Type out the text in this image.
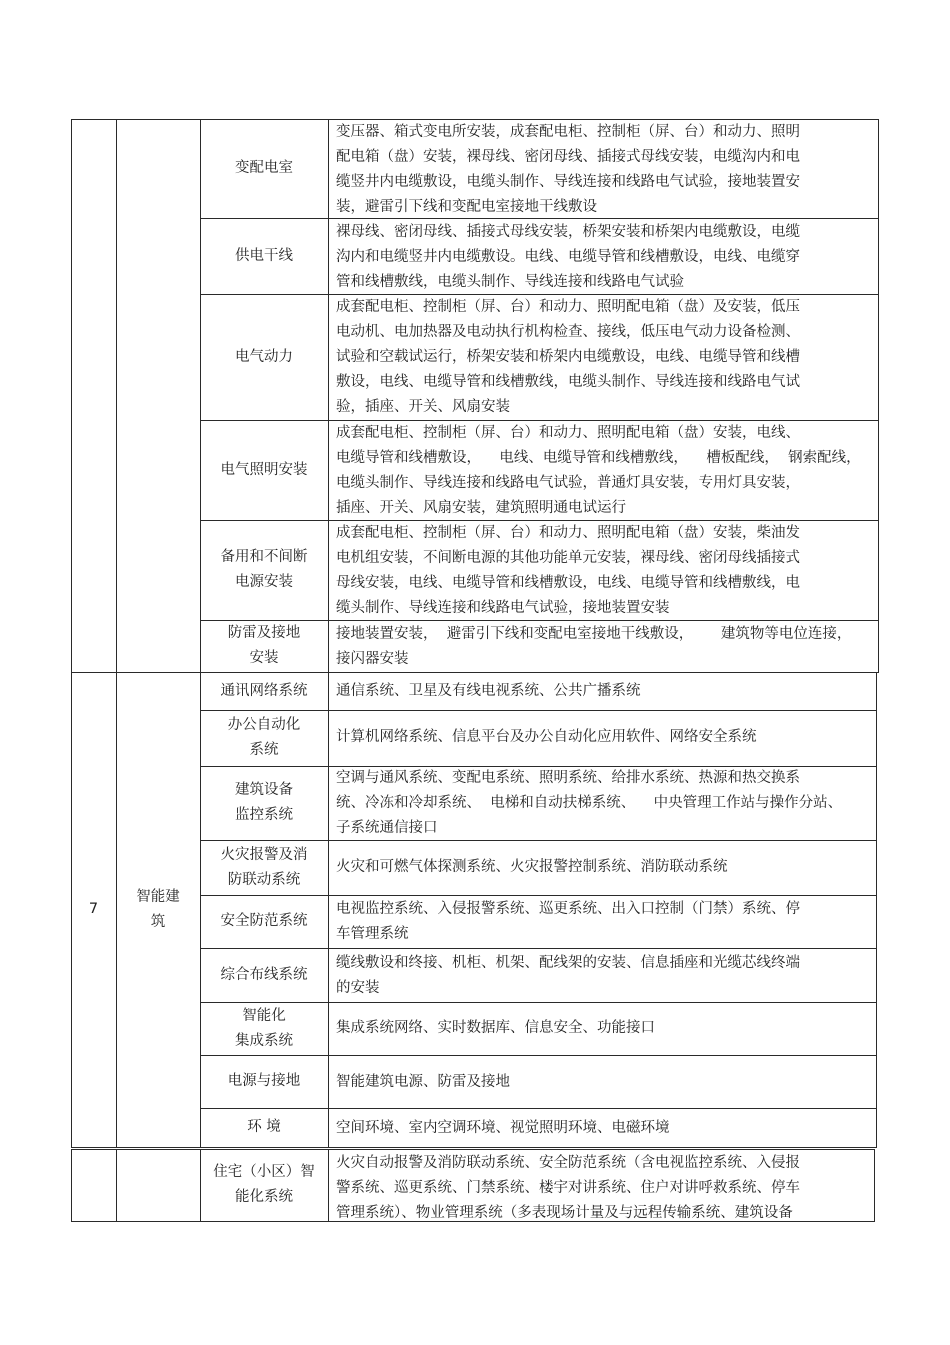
变配电室
变压器、箱式变电所安装，成套配电柜、控制柜（屏、台）和动力、照明
配电箱（盘）安装，裸母线、密闭母线、插接式母线安装，电缆沟内和电
缆竖井内电缆敷设，电缆头制作、导线连接和线路电气试验，接地装置安
装，避雷引下线和变配电室接地干线敷设
供电干线
裸母线、密闭母线、插接式母线安装，桥架安装和桥架内电缆敷设，电缆
沟内和电缆竖井内电缆敷设。电线、电缆导管和线槽敷设，电线、电缆穿
管和线槽敷线，电缆头制作、导线连接和线路电气试验
电气动力
成套配电柜、控制柜（屏、台）和动力、照明配电箱（盘）及安装，低压
电动机、电加热器及电动执行机构检查、接线，低压电气动力设备检测、
试验和空载试运行，桥架安装和桥架内电缆敷设，电线、电缆导管和线槽
敷设，电线、电缆导管和线槽敷线，电缆头制作、导线连接和线路电气试
验，插座、开关、风扇安装
电气照明安装
成套配电柜、控制柜（屏、台）和动力、照明配电箱（盘）安装，电线、
电缆导管和线槽敷设，    电线、电缆导管和线槽敷线，    槽板配线，  钢索配线，
电缆头制作、导线连接和线路电气试验，普通灯具安装，专用灯具安装，
插座、开关、风扇安装，建筑照明通电试运行
备用和不间断
电源安装
成套配电柜、控制柜（屏、台）和动力、照明配电箱（盘）安装，柴油发
电机组安装，不间断电源的其他功能单元安装，裸母线、密闭母线插接式
母线安装，电线、电缆导管和线槽敷设，电线、电缆导管和线槽敷线，电
缆头制作、导线连接和线路电气试验，接地装置安装
防雷及接地
安装
接地装置安装，  避雷引下线和变配电室接地干线敷设，      建筑物等电位连接，
接闪器安装
7
智能建
筑
通讯网络系统 通信系统、卫星及有线电视系统、公共广播系统
办公自动化
系统
计算机网络系统、信息平台及办公自动化应用软件、网络安全系统
建筑设备
监控系统
空调与通风系统、变配电系统、照明系统、给排水系统、热源和热交换系
统、冷冻和冷却系统、  电梯和自动扶梯系统、    中央管理工作站与操作分站、
子系统通信接口
火灾报警及消
防联动系统
火灾和可燃气体探测系统、火灾报警控制系统、消防联动系统
安全防范系统
电视监控系统、入侵报警系统、巡更系统、出入口控制（门禁）系统、停
车管理系统
综合布线系统
缆线敷设和终接、机柜、机架、配线架的安装、信息插座和光缆芯线终端
的安装
智能化
集成系统
集成系统网络、实时数据库、信息安全、功能接口
电源与接地 智能建筑电源、防雷及接地
环 境	空间环境、室内空调环境、视觉照明环境、电磁环境
住宅（小区）智
能化系统
火灾自动报警及消防联动系统、安全防范系统（含电视监控系统、入侵报
警系统、巡更系统、门禁系统、楼宇对讲系统、住户对讲呼救系统、停车
管理系统）、物业管理系统（多表现场计量及与远程传输系统、建筑设备
